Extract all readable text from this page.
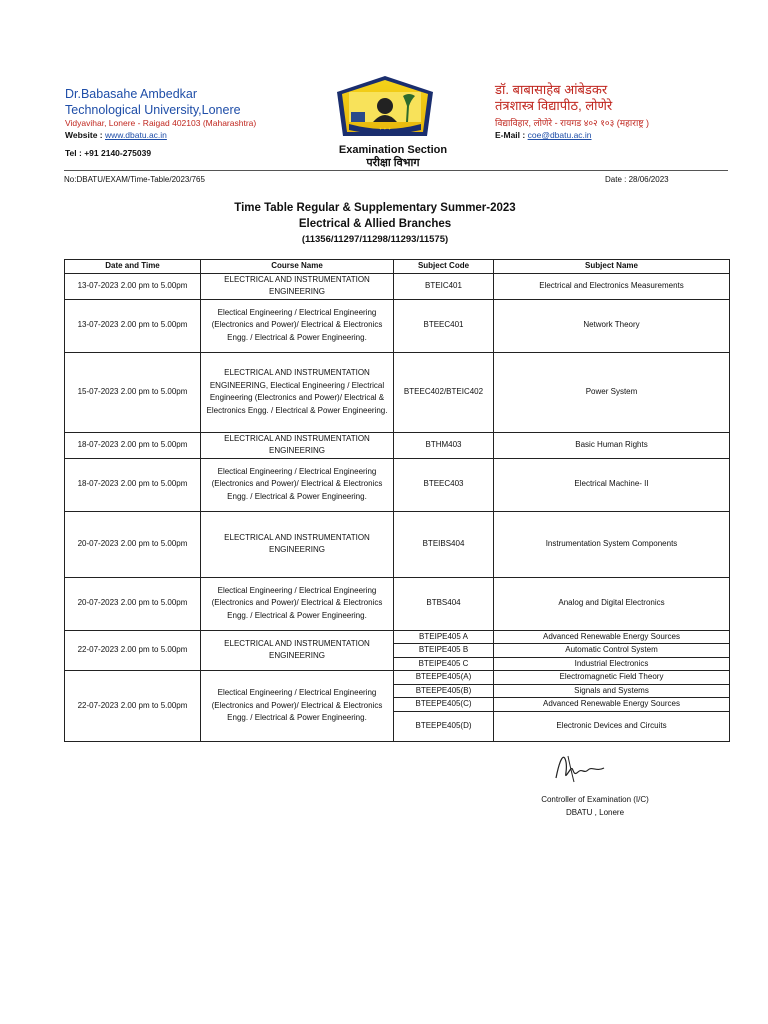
Dr.Babasahe Ambedkar
Technological University,Lonere
Vidyavihar, Lonere - Raigad 402103 (Maharashtra)
Website : www.dbatu.ac.in
Tel : +91 2140-275039
✦ ✦ ✦
Examination Section
परीक्षा विभाग
डॉ. बाबासाहेब आंबेडकर
तंत्रशास्त्र विद्यापीठ, लोणेरे
विद्याविहार, लोणेरे - रायगड ४०२ १०३ (महाराष्ट्र )
E-Mail : coe@dbatu.ac.in
No:DBATU/EXAM/Time-Table/2023/765	Date : 28/06/2023
Time Table Regular & Supplementary Summer-2023
Electrical & Allied Branches
(11356/11297/11298/11293/11575)
Date and Time	Course Name	Subject Code	Subject Name
13-07-2023 2.00 pm to 5.00pm	ELECTRICAL AND INSTRUMENTATION ENGINEERING	BTEIC401	Electrical and Electronics Measurements
13-07-2023 2.00 pm to 5.00pm	Electical Engineering / Electrical Engineering (Electronics and Power)/ Electrical & Electronics Engg. / Electrical & Power Engineering.	BTEEC401	Network Theory
15-07-2023 2.00 pm to 5.00pm	ELECTRICAL AND INSTRUMENTATION ENGINEERING, Electical Engineering / Electrical Engineering (Electronics and Power)/ Electrical & Electronics Engg. / Electrical & Power Engineering.	BTEEC402/BTEIC402	Power System
18-07-2023 2.00 pm to 5.00pm	ELECTRICAL AND INSTRUMENTATION ENGINEERING	BTHM403	Basic Human Rights
18-07-2023 2.00 pm to 5.00pm	Electical Engineering / Electrical Engineering (Electronics and Power)/ Electrical & Electronics Engg. / Electrical & Power Engineering.	BTEEC403	Electrical Machine- II
20-07-2023 2.00 pm to 5.00pm	ELECTRICAL AND INSTRUMENTATION ENGINEERING	BTEIBS404	Instrumentation System Components
20-07-2023 2.00 pm to 5.00pm	Electical Engineering / Electrical Engineering (Electronics and Power)/ Electrical & Electronics Engg. / Electrical & Power Engineering.	BTBS404	Analog and Digital Electronics
22-07-2023 2.00 pm to 5.00pm	ELECTRICAL AND INSTRUMENTATION ENGINEERING	BTEIPE405 A	Advanced Renewable Energy Sources
		BTEIPE405 B	Automatic Control System
		BTEIPE405 C	Industrial Electronics
22-07-2023 2.00 pm to 5.00pm	Electical Engineering / Electrical Engineering (Electronics and Power)/ Electrical & Electronics Engg. / Electrical & Power Engineering.	BTEEPE405(A)	Electromagnetic Field Theory
		BTEEPE405(B)	Signals and Systems
		BTEEPE405(C)	Advanced Renewable Energy Sources
		BTEEPE405(D)	Electronic Devices and Circuits
Controller of Examination (I/C)
DBATU , Lonere
